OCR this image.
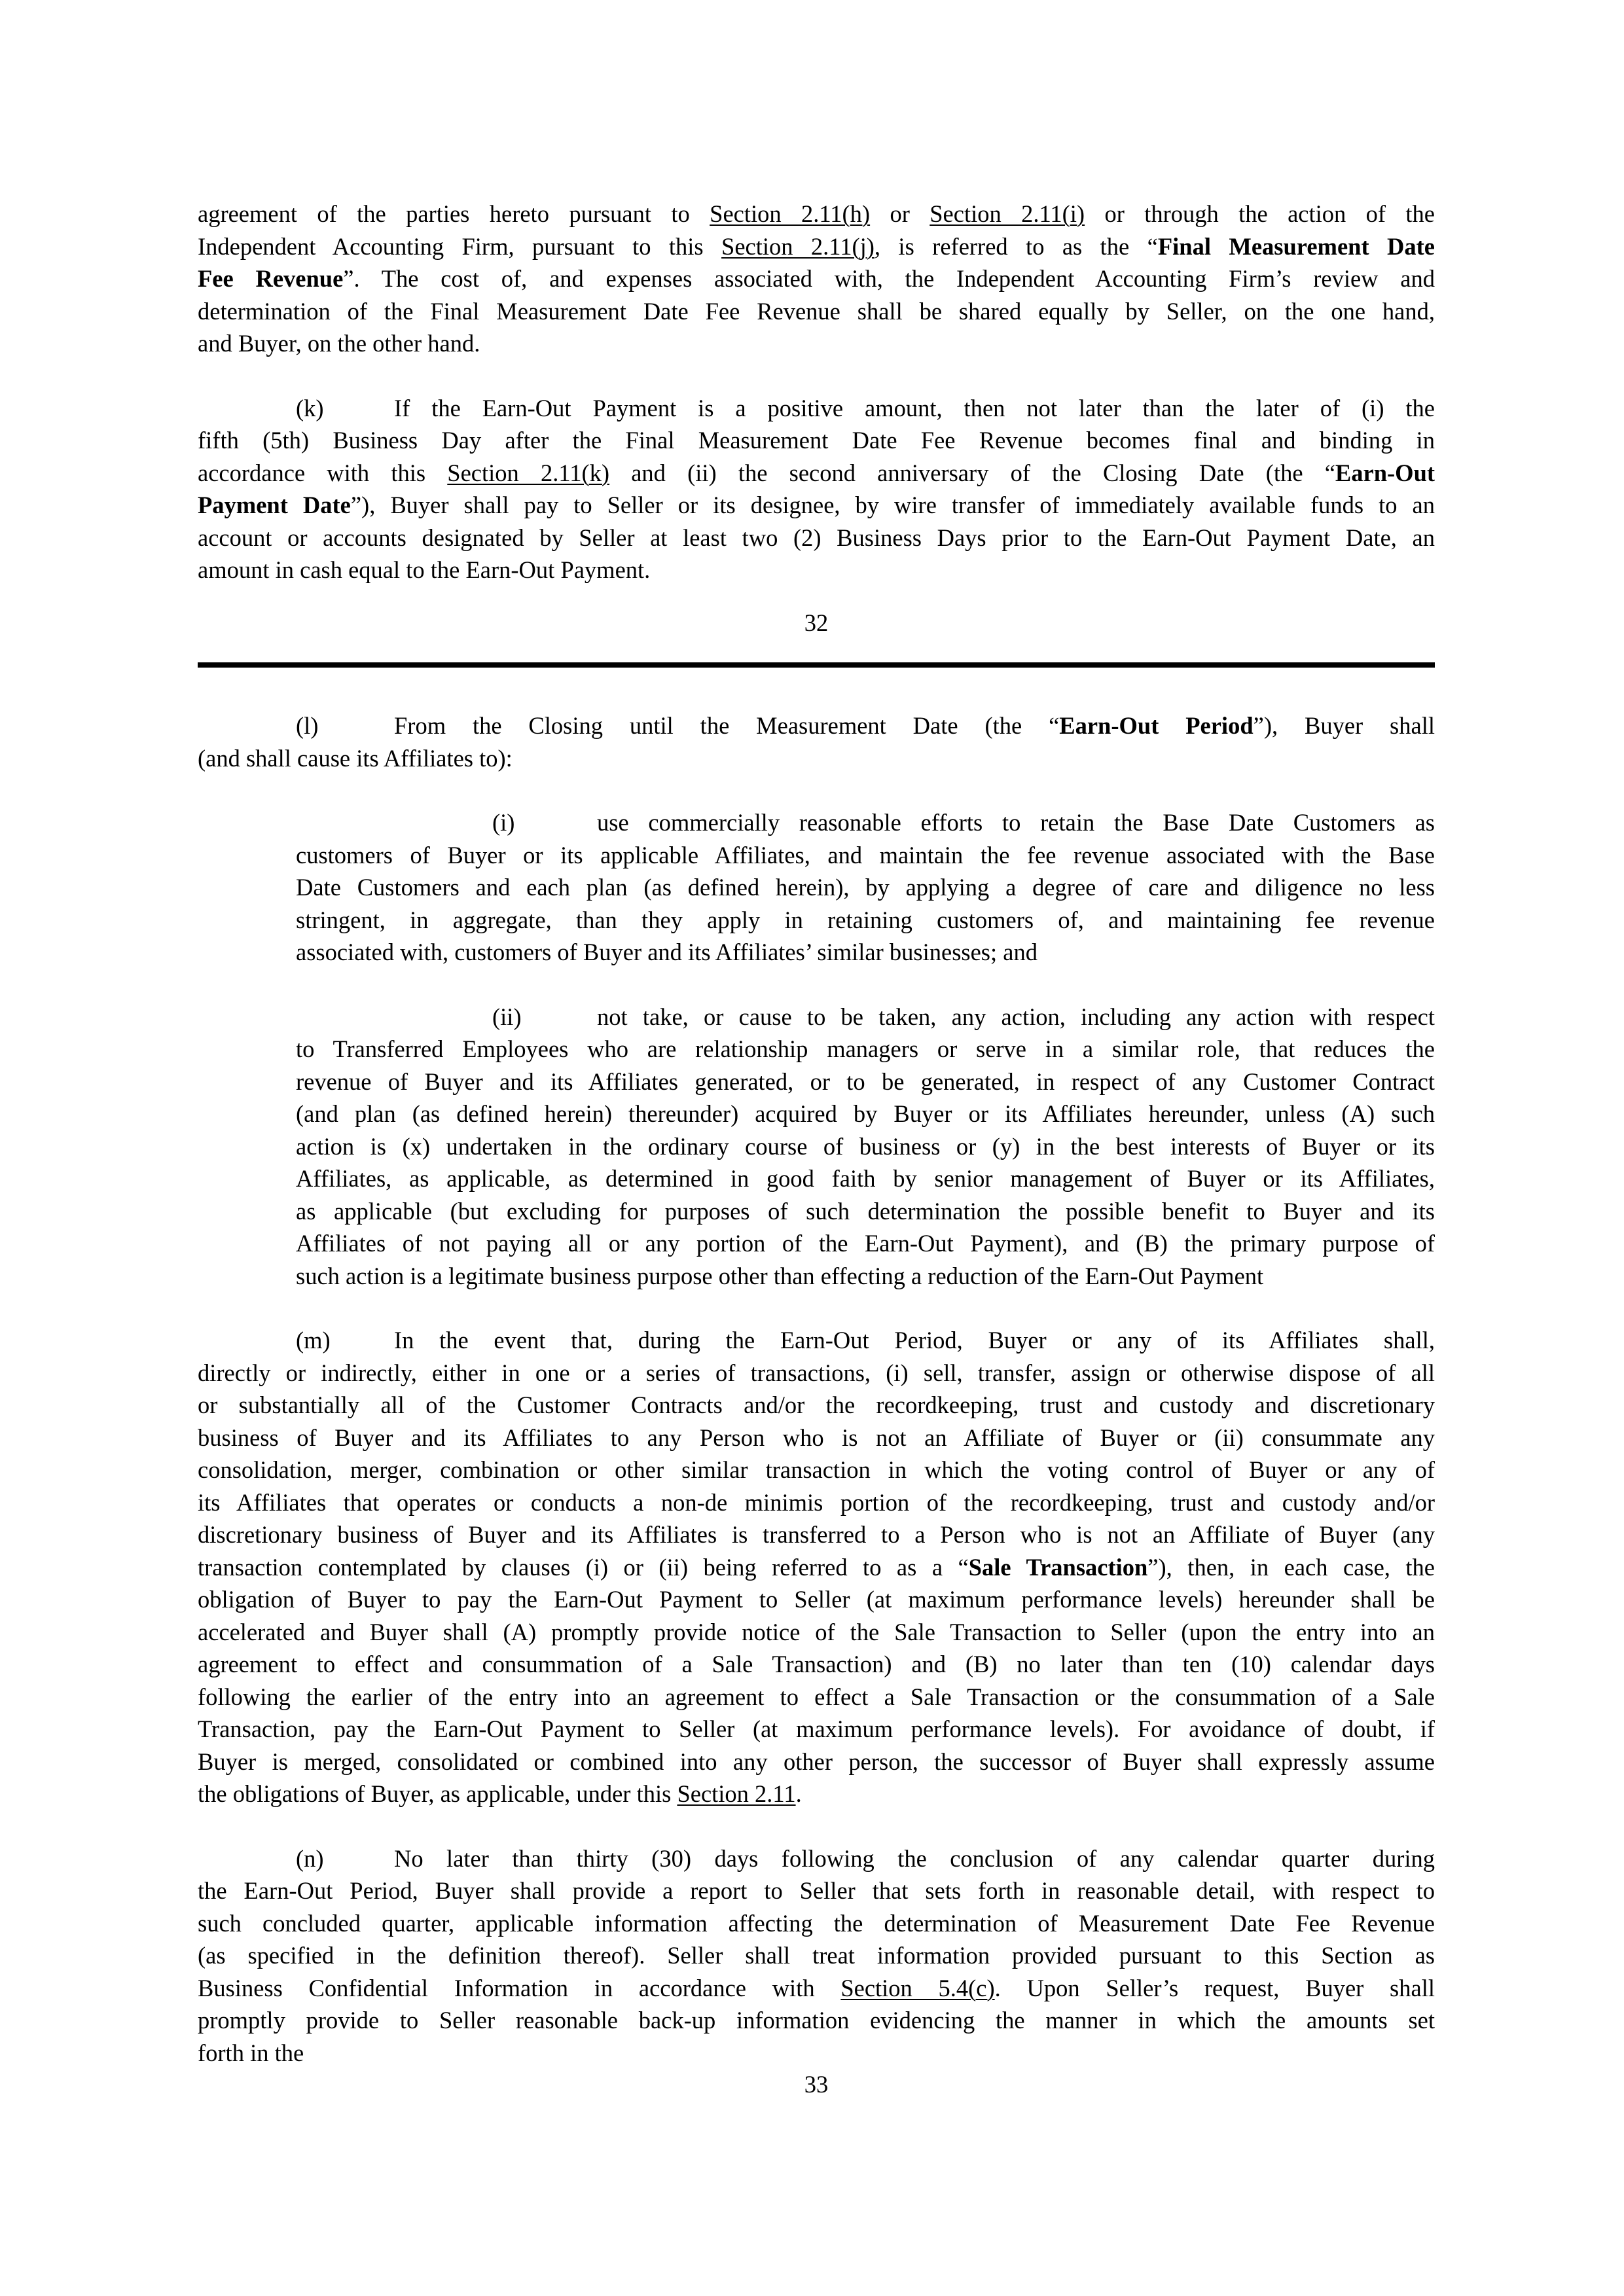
agreement of the parties hereto pursuant to Section 2.11(h) or Section 2.11(i) or through the action of the
Independent Accounting Firm, pursuant to this Section 2.11(j), is referred to as the “Final Measurement Date
Fee Revenue”. The cost of, and expenses associated with, the Independent Accounting Firm’s review and
determination of the Final Measurement Date Fee Revenue shall be shared equally by Seller, on the one hand,
and Buyer, on the other hand.
(k)	If the Earn-Out Payment is a positive amount, then not later than the later of (i) the
fifth (5th) Business Day after the Final Measurement Date Fee Revenue becomes final and binding in
accordance with this Section 2.11(k) and (ii) the second anniversary of the Closing Date (the “Earn-Out
Payment Date”), Buyer shall pay to Seller or its designee, by wire transfer of immediately available funds to an
account or accounts designated by Seller at least two (2) Business Days prior to the Earn-Out Payment Date, an
amount in cash equal to the Earn-Out Payment.
32
(l)	From the Closing until the Measurement Date (the “Earn-Out Period”), Buyer shall
(and shall cause its Affiliates to):
(i)	use commercially reasonable efforts to retain the Base Date Customers as
customers of Buyer or its applicable Affiliates, and maintain the fee revenue associated with the Base
Date Customers and each plan (as defined herein), by applying a degree of care and diligence no less
stringent, in aggregate, than they apply in retaining customers of, and maintaining fee revenue
associated with, customers of Buyer and its Affiliates’ similar businesses; and
(ii)	not take, or cause to be taken, any action, including any action with respect
to Transferred Employees who are relationship managers or serve in a similar role, that reduces the
revenue of Buyer and its Affiliates generated, or to be generated, in respect of any Customer Contract
(and plan (as defined herein) thereunder) acquired by Buyer or its Affiliates hereunder, unless (A) such
action is (x) undertaken in the ordinary course of business or (y) in the best interests of Buyer or its
Affiliates, as applicable, as determined in good faith by senior management of Buyer or its Affiliates,
as applicable (but excluding for purposes of such determination the possible benefit to Buyer and its
Affiliates of not paying all or any portion of the Earn-Out Payment), and (B) the primary purpose of
such action is a legitimate business purpose other than effecting a reduction of the Earn-Out Payment
(m)	In the event that, during the Earn-Out Period, Buyer or any of its Affiliates shall,
directly or indirectly, either in one or a series of transactions, (i) sell, transfer, assign or otherwise dispose of all
or substantially all of the Customer Contracts and/or the recordkeeping, trust and custody and discretionary
business of Buyer and its Affiliates to any Person who is not an Affiliate of Buyer or (ii) consummate any
consolidation, merger, combination or other similar transaction in which the voting control of Buyer or any of
its Affiliates that operates or conducts a non-de minimis portion of the recordkeeping, trust and custody and/or
discretionary business of Buyer and its Affiliates is transferred to a Person who is not an Affiliate of Buyer (any
transaction contemplated by clauses (i) or (ii) being referred to as a “Sale Transaction”), then, in each case, the
obligation of Buyer to pay the Earn-Out Payment to Seller (at maximum performance levels) hereunder shall be
accelerated and Buyer shall (A) promptly provide notice of the Sale Transaction to Seller (upon the entry into an
agreement to effect and consummation of a Sale Transaction) and (B) no later than ten (10) calendar days
following the earlier of the entry into an agreement to effect a Sale Transaction or the consummation of a Sale
Transaction, pay the Earn-Out Payment to Seller (at maximum performance levels). For avoidance of doubt, if
Buyer is merged, consolidated or combined into any other person, the successor of Buyer shall expressly assume
the obligations of Buyer, as applicable, under this Section 2.11.
(n)	No later than thirty (30) days following the conclusion of any calendar quarter during
the Earn-Out Period, Buyer shall provide a report to Seller that sets forth in reasonable detail, with respect to
such concluded quarter, applicable information affecting the determination of Measurement Date Fee Revenue
(as specified in the definition thereof). Seller shall treat information provided pursuant to this Section as
Business Confidential Information in accordance with Section 5.4(c). Upon Seller’s request, Buyer shall
promptly provide to Seller reasonable back-up information evidencing the manner in which the amounts set
forth in the
33
